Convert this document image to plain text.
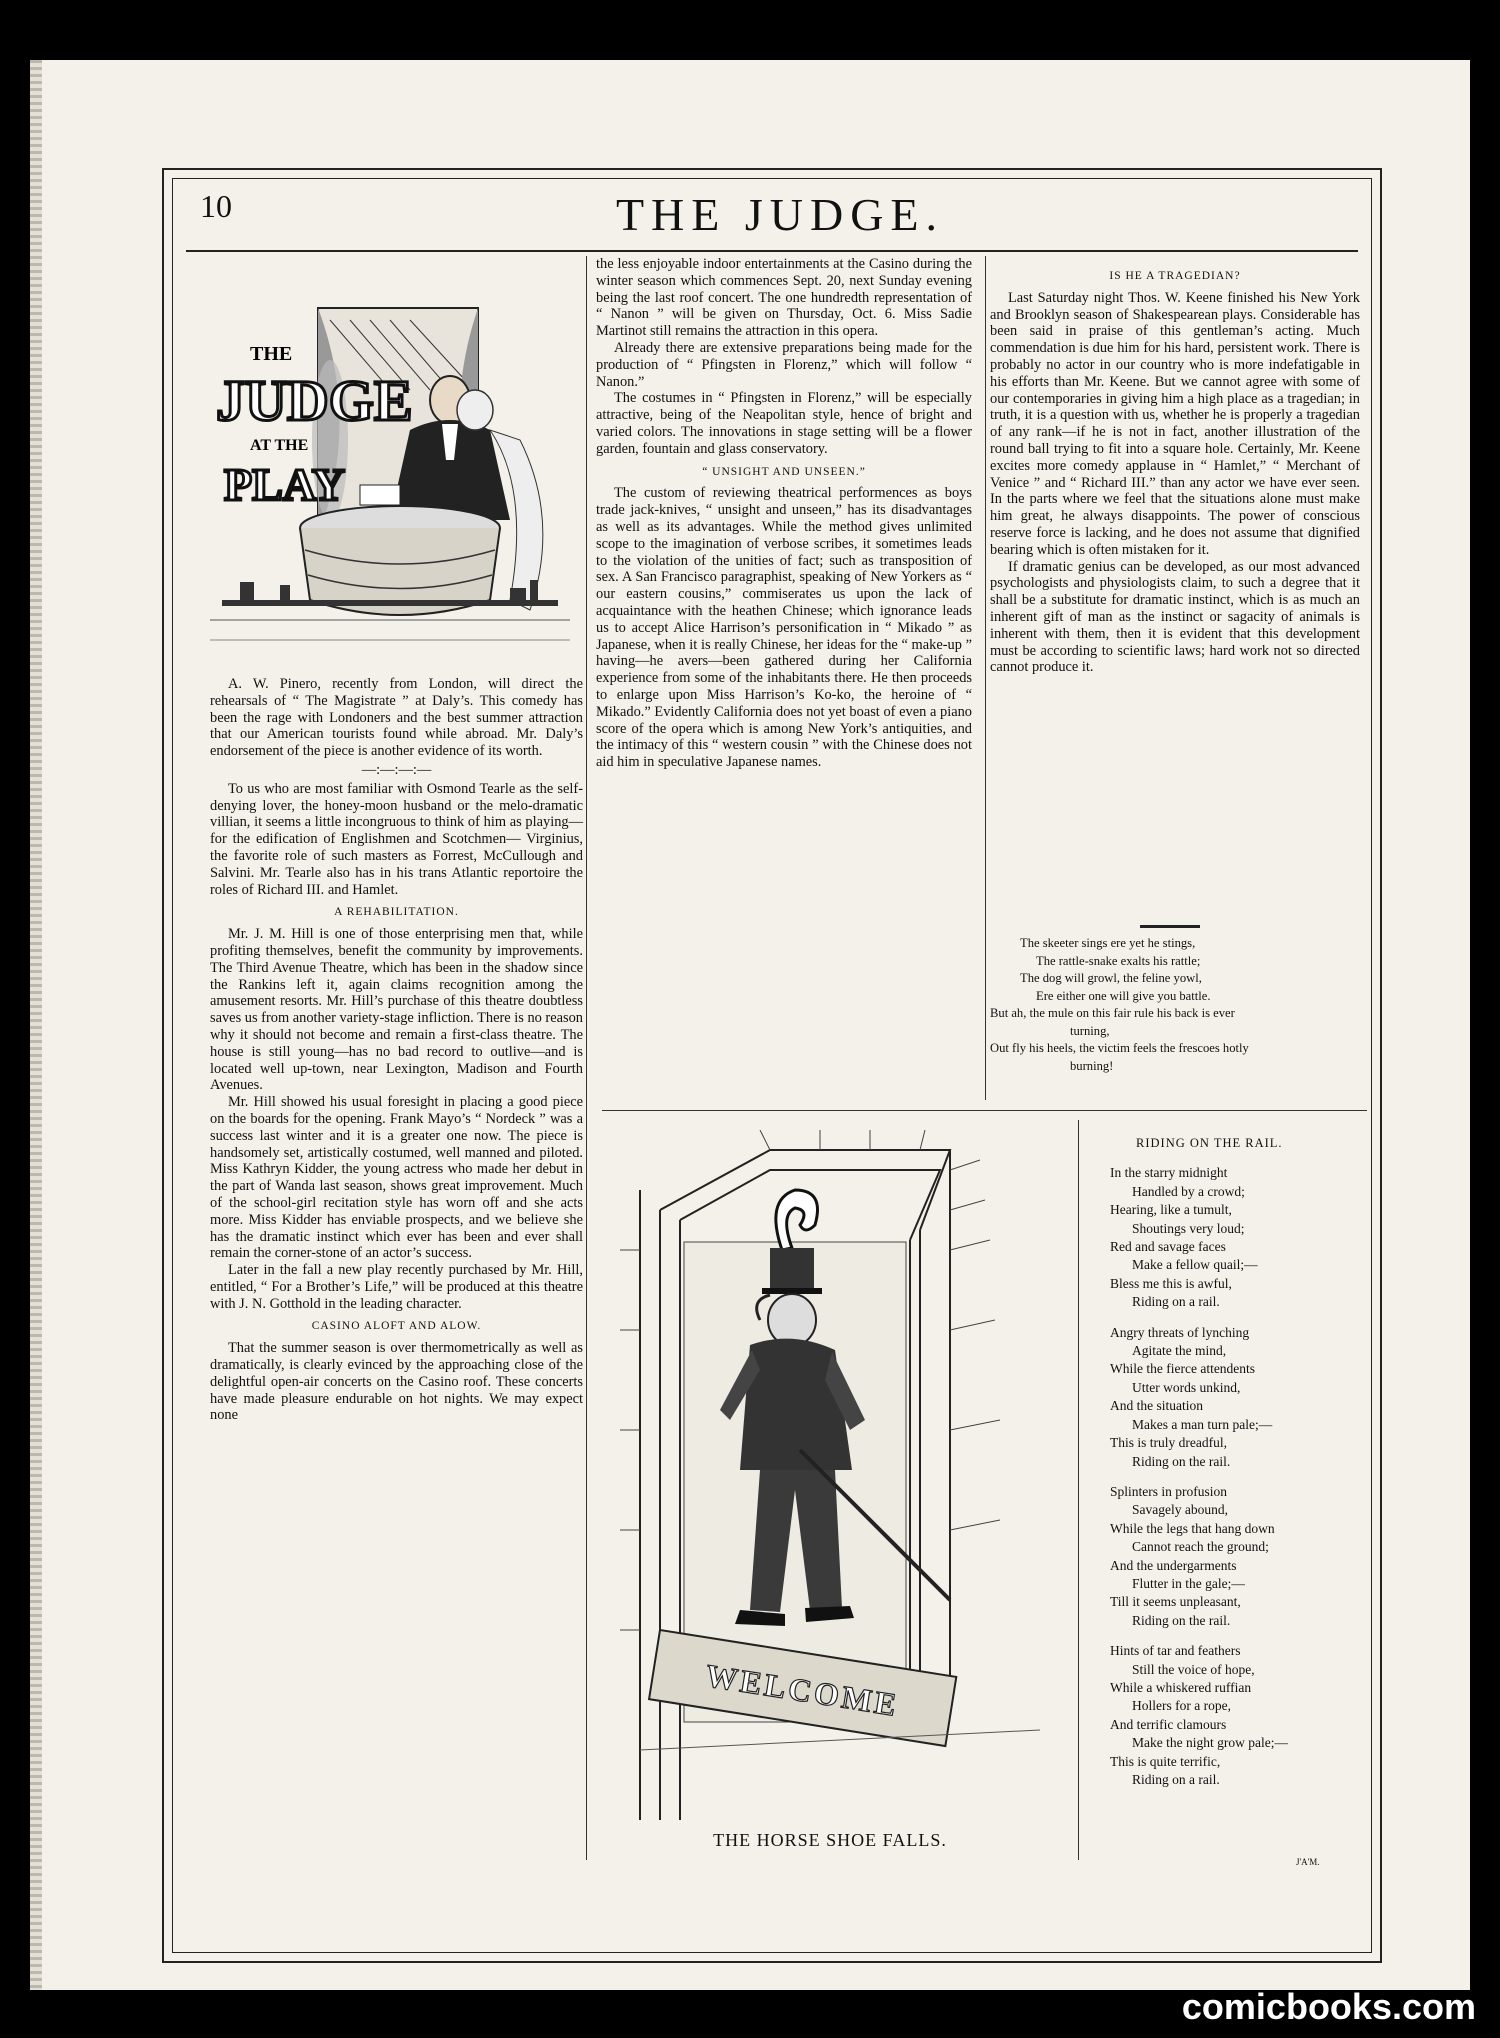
10	THE JUDGE.
THE
JUDGE
AT THE
PLAY

A. W. Pinero, recently from London, will direct the rehearsals of “ The Magistrate ” at Daly’s. This comedy has been the rage with Londoners and the best summer attraction that our American tourists found while abroad. Mr. Daly’s endorsement of the piece is another evidence of its worth.

—:—:—:—

To us who are most familiar with Osmond Tearle as the self-denying lover, the honey-moon husband or the melo-dramatic villian, it seems a little incongruous to think of him as playing—for the edification of Englishmen and Scotchmen— Virginius, the favorite role of such masters as Forrest, McCullough and Salvini. Mr. Tearle also has in his trans Atlantic reportoire the roles of Richard III. and Hamlet.

A REHABILITATION.

Mr. J. M. Hill is one of those enterprising men that, while profiting themselves, benefit the community by improvements. The Third Avenue Theatre, which has been in the shadow since the Rankins left it, again claims recognition among the amusement resorts. Mr. Hill’s purchase of this theatre doubtless saves us from another variety-stage infliction. There is no reason why it should not become and remain a first-class theatre. The house is still young—has no bad record to outlive—and is located well up-town, near Lexington, Madison and Fourth Avenues.

Mr. Hill showed his usual foresight in placing a good piece on the boards for the opening. Frank Mayo’s “ Nordeck ” was a success last winter and it is a greater one now. The piece is handsomely set, artistically costumed, well manned and piloted. Miss Kathryn Kidder, the young actress who made her debut in the part of Wanda last season, shows great improvement. Much of the school-girl recitation style has worn off and she acts more. Miss Kidder has enviable prospects, and we believe she has the dramatic instinct which ever has been and ever shall remain the corner-stone of an actor’s success.

Later in the fall a new play recently purchased by Mr. Hill, entitled, “ For a Brother’s Life,” will be produced at this theatre with J. N. Gotthold in the leading character.

CASINO ALOFT AND ALOW.

That the summer season is over thermometrically as well as dramatically, is clearly evinced by the approaching close of the delightful open-air concerts on the Casino roof. These concerts have made pleasure endurable on hot nights. We may expect none

the less enjoyable indoor entertainments at the Casino during the winter season which commences Sept. 20, next Sunday evening being the last roof concert. The one hundredth representation of “ Nanon ” will be given on Thursday, Oct. 6. Miss Sadie Martinot still remains the attraction in this opera.

Already there are extensive preparations being made for the production of “ Pfingsten in Florenz,” which will follow “ Nanon.”

The costumes in “ Pfingsten in Florenz,” will be especially attractive, being of the Neapolitan style, hence of bright and varied colors. The innovations in stage setting will be a flower garden, fountain and glass conservatory.

“ UNSIGHT AND UNSEEN.”

The custom of reviewing theatrical performences as boys trade jack-knives, “ unsight and unseen,” has its disadvantages as well as its advantages. While the method gives unlimited scope to the imagination of verbose scribes, it sometimes leads to the violation of the unities of fact; such as transposition of sex. A San Francisco paragraphist, speaking of New Yorkers as “ our eastern cousins,” commiserates us upon the lack of acquaintance with the heathen Chinese; which ignorance leads us to accept Alice Harrison’s personification in “ Mikado ” as Japanese, when it is really Chinese, her ideas for the “ make-up ” having—he avers—been gathered during her California experience from some of the inhabitants there. He then proceeds to enlarge upon Miss Harrison’s Ko-ko, the heroine of “ Mikado.” Evidently California does not yet boast of even a piano score of the opera which is among New York’s antiquities, and the intimacy of this “ western cousin ” with the Chinese does not aid him in speculative Japanese names.

IS HE A TRAGEDIAN?

Last Saturday night Thos. W. Keene finished his New York and Brooklyn season of Shakespearean plays. Considerable has been said in praise of this gentleman’s acting. Much commendation is due him for his hard, persistent work. There is probably no actor in our country who is more indefatigable in his efforts than Mr. Keene. But we cannot agree with some of our contemporaries in giving him a high place as a tragedian; in truth, it is a question with us, whether he is properly a tragedian of any rank—if he is not in fact, another illustration of the round ball trying to fit into a square hole. Certainly, Mr. Keene excites more comedy applause in “ Hamlet,” “ Merchant of Venice ” and “ Richard III.” than any actor we have ever seen. In the parts where we feel that the situations alone must make him great, he always disappoints. The power of conscious reserve force is lacking, and he does not assume that dignified bearing which is often mistaken for it.

If dramatic genius can be developed, as our most advanced psychologists and physiologists claim, to such a degree that it shall be a substitute for dramatic instinct, which is as much an inherent gift of man as the instinct or sagacity of animals is inherent with them, then it is evident that this development must be according to scientific laws; hard work not so directed cannot produce it.

The skeeter sings ere yet he stings,
The rattle-snake exalts his rattle;
The dog will growl, the feline yowl,
Ere either one will give you battle.
But ah, the mule on this fair rule his back is ever
turning,
Out fly his heels, the victim feels the frescoes hotly
burning!
WELCOME
THE HORSE SHOE FALLS.
RIDING ON THE RAIL.
In the starry midnight
Handled by a crowd;
Hearing, like a tumult,
Shoutings very loud;
Red and savage faces
Make a fellow quail;—
Bless me this is awful,
Riding on a rail.
Angry threats of lynching
Agitate the mind,
While the fierce attendents
Utter words unkind,
And the situation
Makes a man turn pale;—
This is truly dreadful,
Riding on the rail.
Splinters in profusion
Savagely abound,
While the legs that hang down
Cannot reach the ground;
And the undergarments
Flutter in the gale;—
Till it seems unpleasant,
Riding on the rail.
Hints of tar and feathers
Still the voice of hope,
While a whiskered ruffian
Hollers for a rope,
And terrific clamours
Make the night grow pale;—
This is quite terrific,
Riding on a rail.
J'A'M.
comicbooks.com
